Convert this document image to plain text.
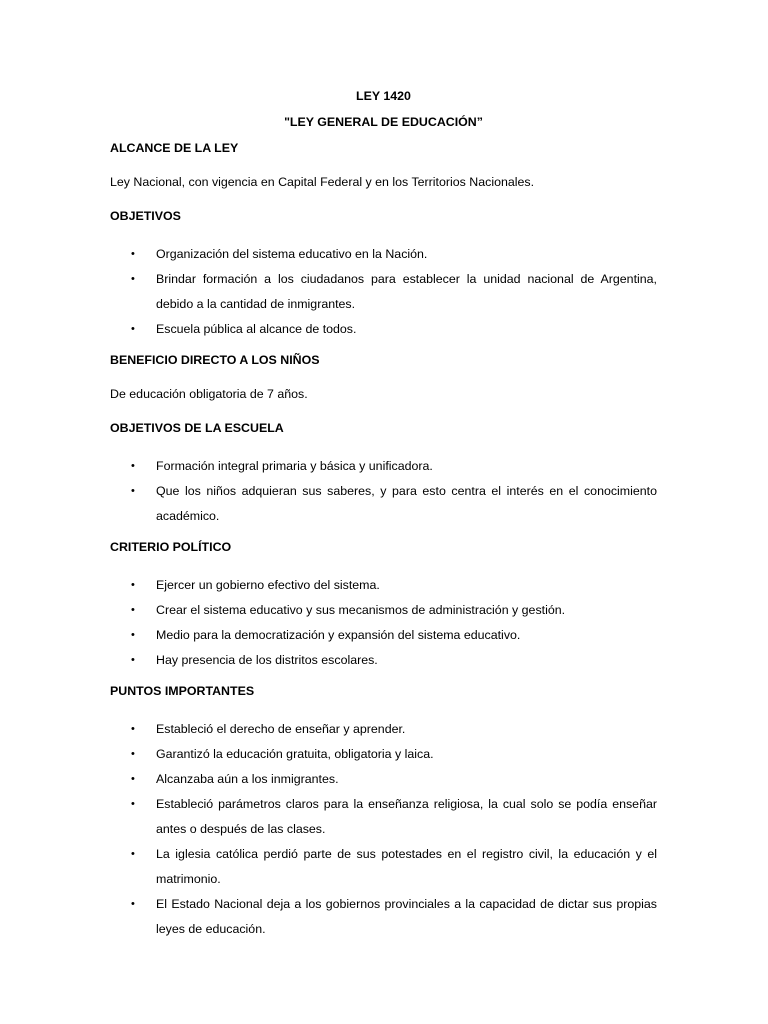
LEY 1420

"LEY GENERAL DE EDUCACIÓN”

ALCANCE DE LA LEY

Ley Nacional, con vigencia en Capital Federal y en los Territorios Nacionales.

OBJETIVOS

•	Organización del sistema educativo en la Nación.
•	Brindar formación a los ciudadanos para establecer la unidad nacional de Argentina, debido a la cantidad de inmigrantes.
•	Escuela pública al alcance de todos.

BENEFICIO DIRECTO A LOS NIÑOS

De educación obligatoria de 7 años.

OBJETIVOS DE LA ESCUELA

•	Formación integral primaria y básica y unificadora.
•	Que los niños adquieran sus saberes, y para esto centra el interés en el conocimiento académico.

CRITERIO POLÍTICO

•	Ejercer un gobierno efectivo del sistema.
•	Crear el sistema educativo y sus mecanismos de administración y gestión.
•	Medio para la democratización y expansión del sistema educativo.
•	Hay presencia de los distritos escolares.

PUNTOS IMPORTANTES

•	Estableció el derecho de enseñar y aprender.
•	Garantizó la educación gratuita, obligatoria y laica.
•	Alcanzaba aún a los inmigrantes.
•	Estableció parámetros claros para la enseñanza religiosa, la cual solo se podía enseñar antes o después de las clases.
•	La iglesia católica perdió parte de sus potestades en el registro civil, la educación y el matrimonio.
•	El Estado Nacional deja a los gobiernos provinciales a la capacidad de dictar sus propias leyes de educación.
